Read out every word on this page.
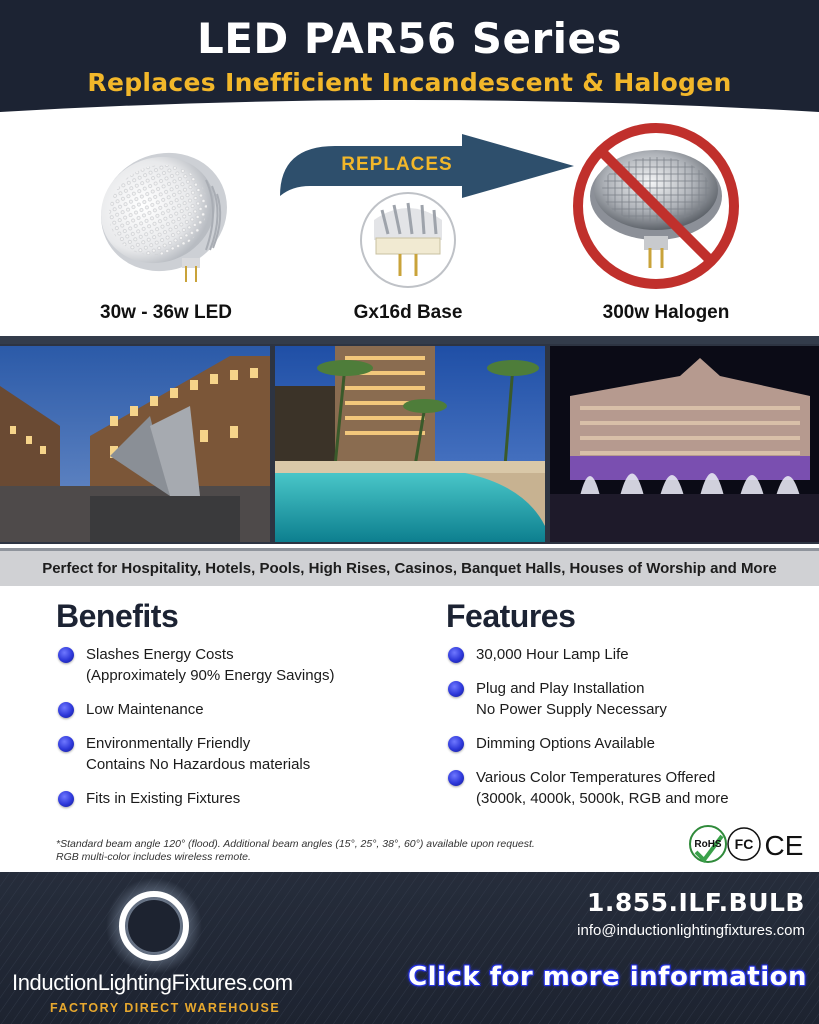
LED PAR56 Series
Replaces Inefficient Incandescent & Halogen
30w - 36w LED
REPLACES
Gx16d Base	300w Halogen
Perfect for Hospitality, Hotels, Pools, High Rises, Casinos, Banquet Halls, Houses of Worship and More
Benefits
Slashes Energy Costs
(Approximately 90% Energy Savings)
Low Maintenance
Environmentally Friendly
Contains No Hazardous materials
Fits in Existing Fixtures
Features
30,000 Hour Lamp Life
Plug and Play Installation
No Power Supply Necessary
Dimming Options Available
Various Color Temperatures Offered
(3000k, 4000k, 5000k, RGB and more
*Standard beam angle 120° (flood). Additional beam angles (15°, 25°, 38°, 60°) available upon request.
RGB multi-color includes wireless remote.
RoHS FC CE
InductionLightingFixtures.com
FACTORY DIRECT WAREHOUSE
1.855.ILF.BULB
info@inductionlightingfixtures.com
Click for more information
